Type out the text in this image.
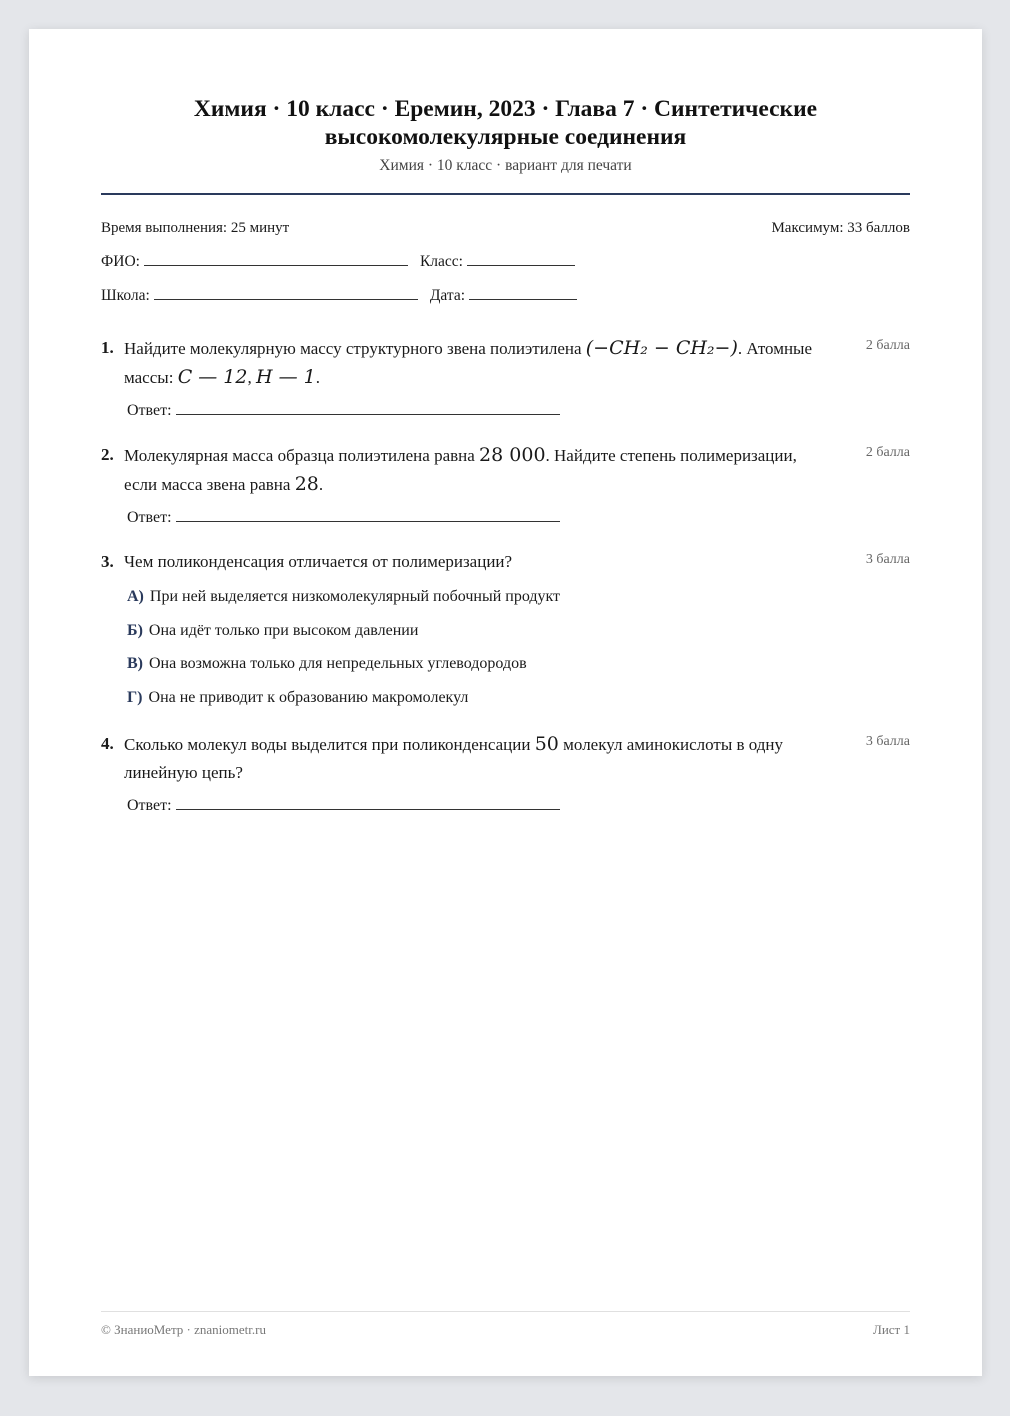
Химия · 10 класс · Еремин, 2023 · Глава 7 · Синтетические высокомолекулярные соединения
Химия · 10 класс · вариант для печати
Время выполнения: 25 минут	Максимум: 33 баллов
ФИО:	Класс:
Школа:	Дата:
1. Найдите молекулярную массу структурного звена полиэтилена (−CH₂ − CH₂−). Атомные массы: C — 12, H — 1.
2 балла
Ответ:
2. Молекулярная масса образца полиэтилена равна 28 000. Найдите степень полимеризации, если масса звена равна 28.
2 балла
Ответ:
3. Чем поликонденсация отличается от полимеризации?	3 балла
А) При ней выделяется низкомолекулярный побочный продукт
Б) Она идёт только при высоком давлении
В) Она возможна только для непредельных углеводородов
Г) Она не приводит к образованию макромолекул
4. Сколько молекул воды выделится при поликонденсации 50 молекул аминокислоты в одну линейную цепь?
3 балла
Ответ:
© ЗнаниоМетр · znaniometr.ru	Лист 1
